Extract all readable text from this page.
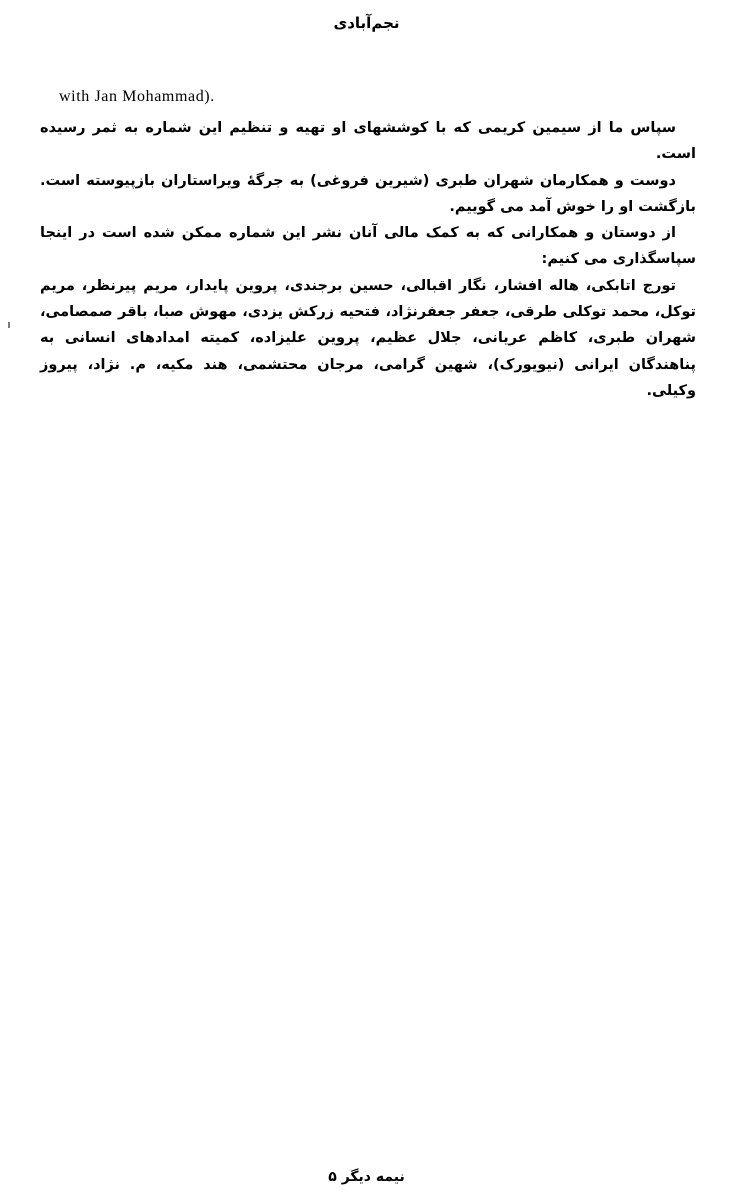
نجم‌آبادی
with Jan Mohammad).

سپاس ما از سیمین کریمی که با کوششهای او تهیه و تنظیم این شماره به ثمر رسیده است.

دوست و همکارمان شهران طبری (شیرین فروغی) به جرگهٔ ویراستاران بازپیوسته است. بازگشت او را خوش آمد می گوییم.

از دوستان و همکارانی که به کمک مالی آنان نشر این شماره ممکن شده است در اینجا سپاسگذاری می کنیم:

تورج اتابکی، هاله افشار، نگار اقبالی، حسین برجندی، پروین پایدار، مریم پیرنظر، مریم توکل، محمد توکلی طرقی، جعفر جعفرنژاد، فتحیه زرکش یزدی، مهوش صبا، باقر صمصامی، شهران طبری، کاظم عریانی، جلال عظیم، پروین علیزاده، کمیته امدادهای انسانی به پناهندگان ایرانی (نیویورک)، شهین گرامی، مرجان محتشمی، هند مکیه، م. نژاد، پیروز وکیلی.

نیمه دیگر ۵
